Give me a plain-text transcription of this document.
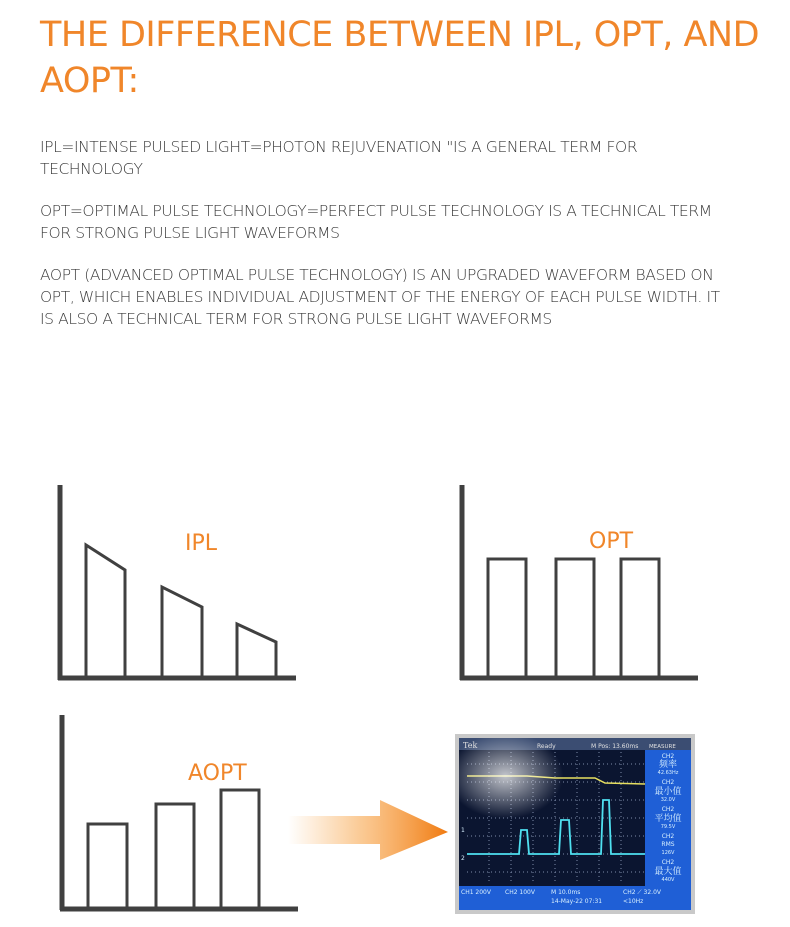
THE DIFFERENCE BETWEEN IPL, OPT, AND AOPT:

IPL=INTENSE PULSED LIGHT=PHOTON REJUVENATION "IS A GENERAL TERM FOR TECHNOLOGY

OPT=OPTIMAL PULSE TECHNOLOGY=PERFECT PULSE TECHNOLOGY IS A TECHNICAL TERM FOR STRONG PULSE LIGHT WAVEFORMS

AOPT (ADVANCED OPTIMAL PULSE TECHNOLOGY) IS AN UPGRADED WAVEFORM BASED ON OPT, WHICH ENABLES INDIVIDUAL ADJUSTMENT OF THE ENERGY OF EACH PULSE WIDTH. IT IS ALSO A TECHNICAL TERM FOR STRONG PULSE LIGHT WAVEFORMS

IPL	OPT
AOPT
Tek	Ready	M Pos: 13.60ms MEASURE
CH2
频率
42.63Hz
CH2
最小值
32.0V
CH2
平均值
79.5V
CH2
RMS
126V
CH2
最大值
440V
1
2
CH1 200V CH2 100V	M 10.0ms
14-May-22 07:31
CH2 ⟋ 32.0V
<10Hz
